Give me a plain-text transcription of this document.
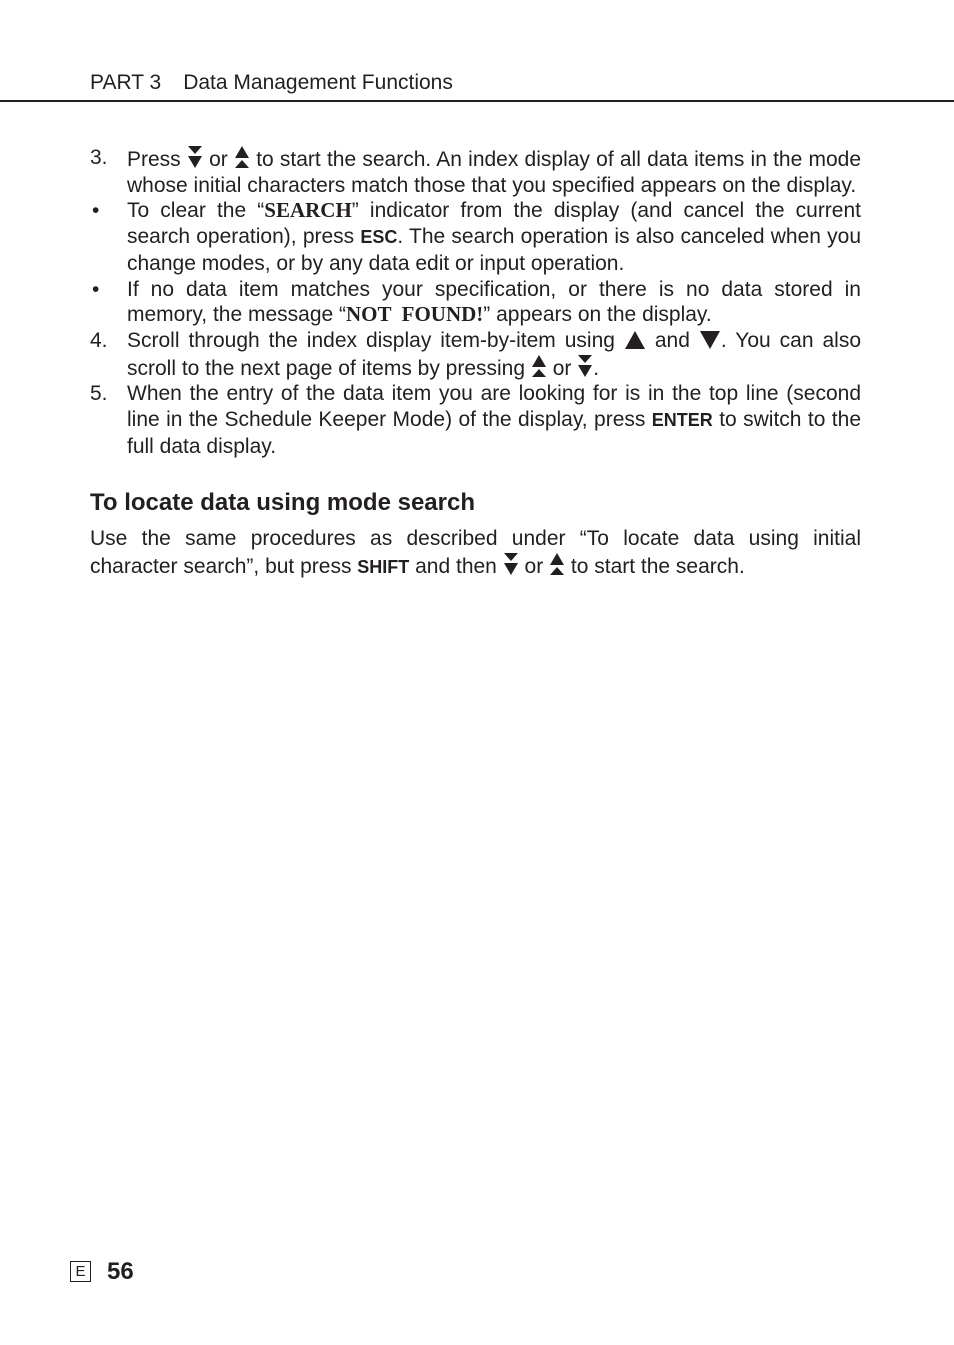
PART 3 Data Management Functions
3. Press  or  to start the search. An index display of all data items in the mode whose initial characters match those that you specified appears on the display.
• To clear the “SEARCH” indicator from the display (and cancel the current search operation), press ESC. The search operation is also canceled when you change modes, or by any data edit or input operation.
• If no data item matches your specification, or there is no data stored in memory, the message “NOT  FOUND!” appears on the display.
4. Scroll through the index display item-by-item using  and . You can also scroll to the next page of items by pressing  or .
5. When the entry of the data item you are looking for is in the top line (second line in the Schedule Keeper Mode) of the display, press ENTER to switch to the full data display.
To locate data using mode search
Use the same procedures as described under “To locate data using initial character search”, but press SHIFT and then  or  to start the search.
E 56
